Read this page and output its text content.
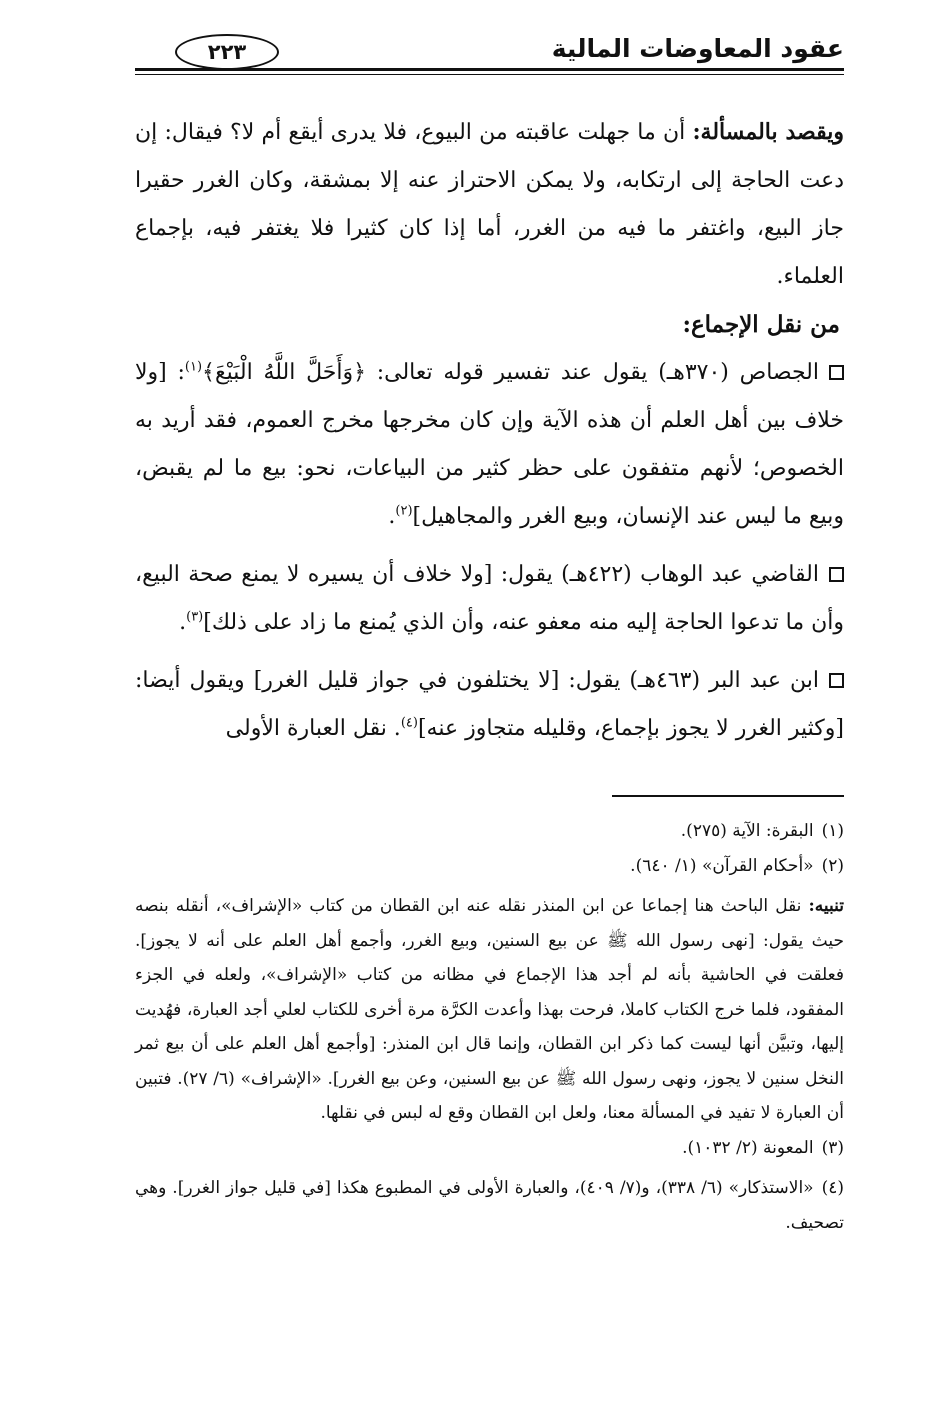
عقود المعاوضات المالية
٢٢٣

ويقصد بالمسألة: أن ما جهلت عاقبته من البيوع، فلا يدرى أيقع أم لا؟ فيقال: إن دعت الحاجة إلى ارتكابه، ولا يمكن الاحتراز عنه إلا بمشقة، وكان الغرر حقيرا جاز البيع، واغتفر ما فيه من الغرر، أما إذا كان كثيرا فلا يغتفر فيه، بإجماع العلماء.

من نقل الإجماع:

الجصاص (٣٧٠هـ) يقول عند تفسير قوله تعالى: ﴿وَأَحَلَّ اللَّهُ الْبَيْعَ﴾$^{(١)}$: [ولا خلاف بين أهل العلم أن هذه الآية وإن كان مخرجها مخرج العموم، فقد أريد به الخصوص؛ لأنهم متفقون على حظر كثير من البياعات، نحو: بيع ما لم يقبض، وبيع ما ليس عند الإنسان، وبيع الغرر والمجاهيل]$^{(٢)}$.

القاضي عبد الوهاب (٤٢٢هـ) يقول: [ولا خلاف أن يسيره لا يمنع صحة البيع، وأن ما تدعوا الحاجة إليه منه معفو عنه، وأن الذي يُمنع ما زاد على ذلك]$^{(٣)}$.

ابن عبد البر (٤٦٣هـ) يقول: [لا يختلفون في جواز قليل الغرر] ويقول أيضا: [وكثير الغرر لا يجوز بإجماع، وقليله متجاوز عنه]$^{(٤)}$. نقل العبارة الأولى

(١)البقرة: الآية (٢٧٥).

(٢)«أحكام القرآن» (١/ ٦٤٠).

تنبيه: نقل الباحث هنا إجماعا عن ابن المنذر نقله عنه ابن القطان من كتاب «الإشراف»، أنقله بنصه حيث يقول: [نهى رسول الله ﷺ عن بيع السنين، وبيع الغرر، وأجمع أهل العلم على أنه لا يجوز]. فعلقت في الحاشية بأنه لم أجد هذا الإجماع في مظانه من كتاب «الإشراف»، ولعله في الجزء المفقود، فلما خرج الكتاب كاملا، فرحت بهذا وأعدت الكرَّة مرة أخرى للكتاب لعلي أجد العبارة، فهُديت إليها، وتبيَّن أنها ليست كما ذكر ابن القطان، وإنما قال ابن المنذر: [وأجمع أهل العلم على أن بيع ثمر النخل سنين لا يجوز، ونهى رسول الله ﷺ عن بيع السنين، وعن بيع الغرر]. «الإشراف» (٦/ ٢٧). فتبين أن العبارة لا تفيد في المسألة معنا، ولعل ابن القطان وقع له لبس في نقلها.

(٣)المعونة (٢/ ١٠٣٢).

(٤)«الاستذكار» (٦/ ٣٣٨)، و(٧/ ٤٠٩)، والعبارة الأولى في المطبوع هكذا [في قليل جواز الغرر]. وهي تصحيف.
